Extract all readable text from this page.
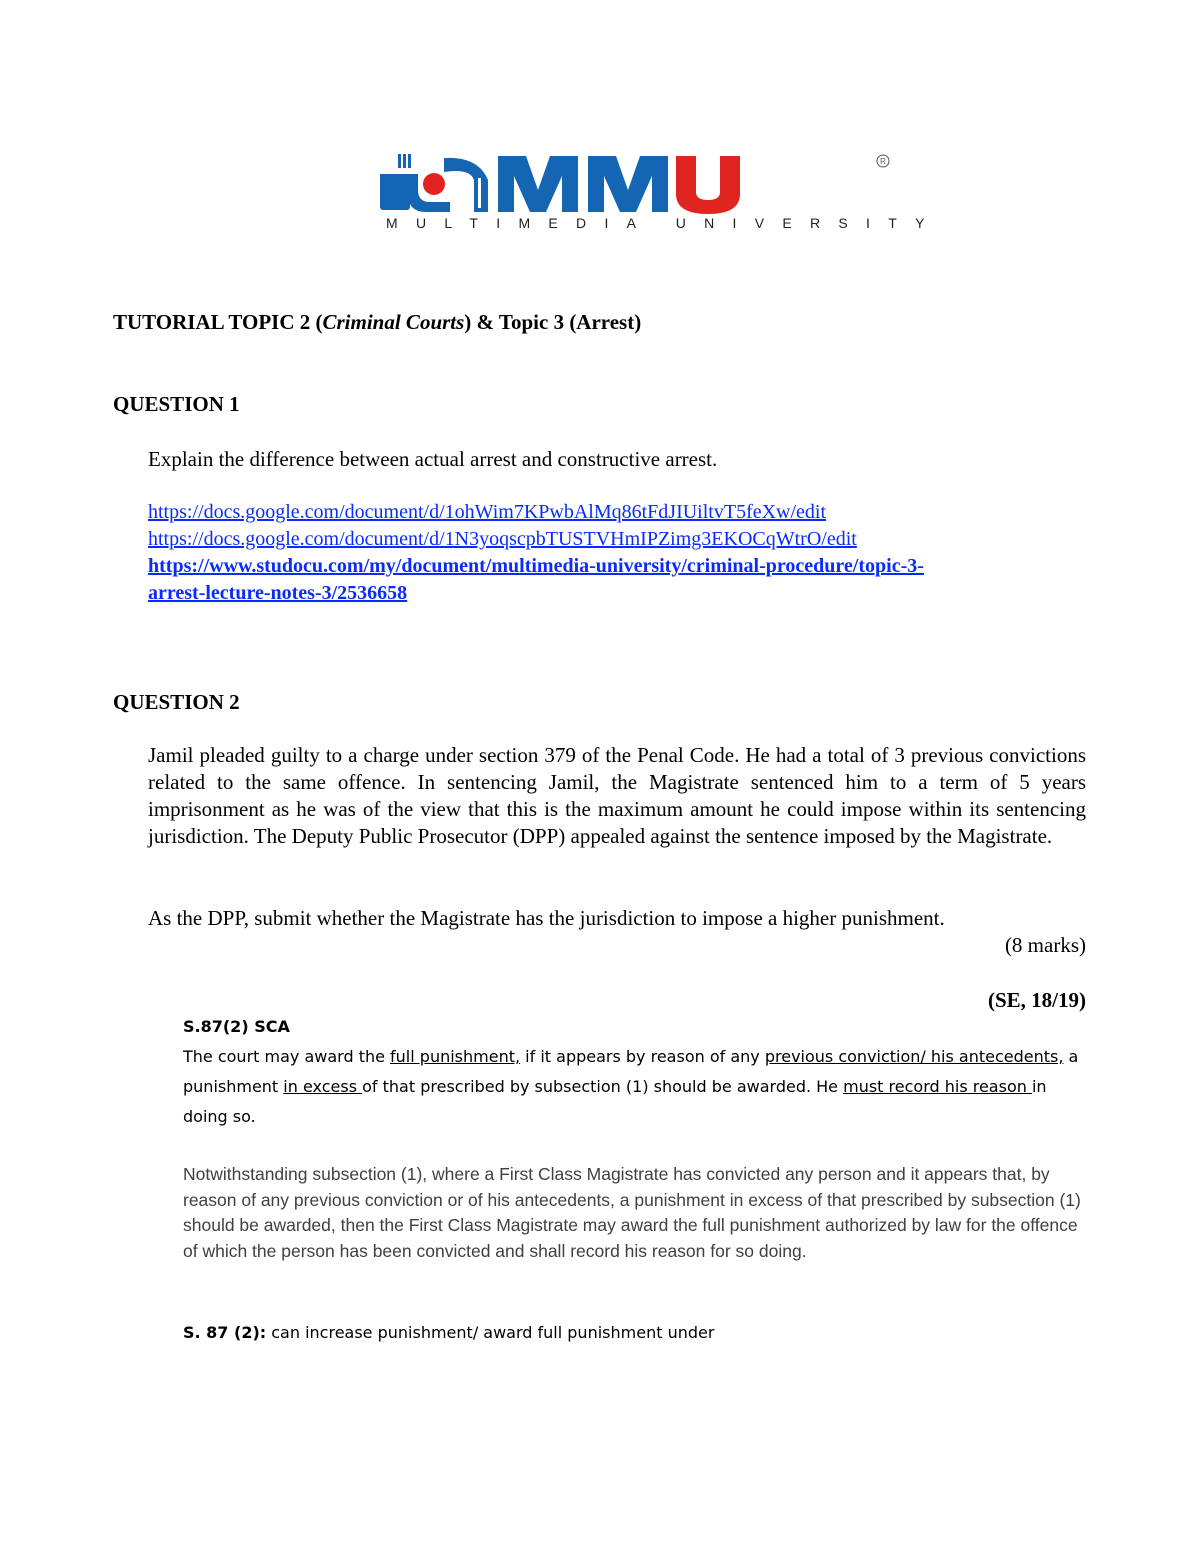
R
MULTIMEDIA UNIVERSITY
TUTORIAL TOPIC 2 (Criminal Courts) & Topic 3 (Arrest)
QUESTION 1
Explain the difference between actual arrest and constructive arrest.
https://docs.google.com/document/d/1ohWim7KPwbAlMq86tFdJIUiltvT5feXw/edit
https://docs.google.com/document/d/1N3yoqscpbTUSTVHmIPZimg3EKOCqWtrO/edit
https://www.studocu.com/my/document/multimedia-university/criminal-procedure/topic-3-
arrest-lecture-notes-3/2536658
QUESTION 2
Jamil pleaded guilty to a charge under section 379 of the Penal Code. He had a total of 3 previous convictions related to the same offence. In sentencing Jamil, the Magistrate sentenced him to a term of 5 years imprisonment as he was of the view that this is the maximum amount he could impose within its sentencing jurisdiction. The Deputy Public Prosecutor (DPP) appealed against the sentence imposed by the Magistrate.
As the DPP, submit whether the Magistrate has the jurisdiction to impose a higher punishment.
(8 marks)
(SE, 18/19)
S.87(2) SCA
The court may award the full punishment, if it appears by reason of any previous conviction/ his antecedents, a punishment in excess of that prescribed by subsection (1) should be awarded. He must record his reason in doing so.
Notwithstanding subsection (1), where a First Class Magistrate has convicted any person and it appears that, by reason of any previous conviction or of his antecedents, a punishment in excess of that prescribed by subsection (1) should be awarded, then the First Class Magistrate may award the full punishment authorized by law for the offence of which the person has been convicted and shall record his reason for so doing.
S. 87 (2): can increase punishment/ award full punishment under
